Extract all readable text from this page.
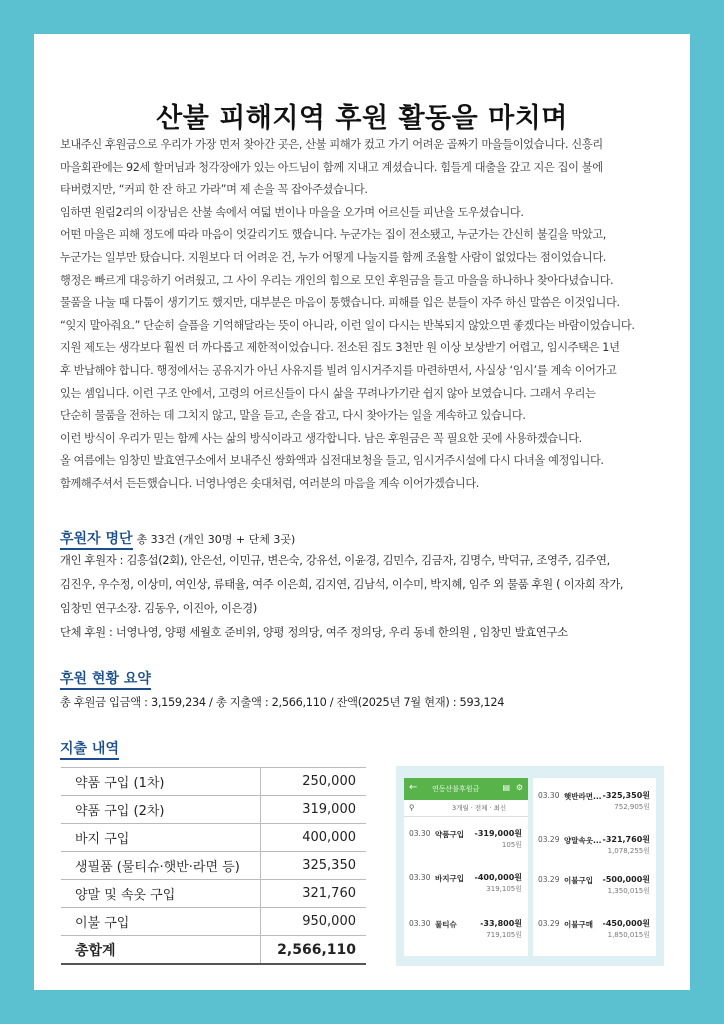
산불 피해지역 후원 활동을 마치며

보내주신 후원금으로 우리가 가장 먼저 찾아간 곳은, 산불 피해가 컸고 가기 어려운 골짜기 마을들이었습니다. 신흥리

마을회관에는 92세 할머님과 청각장애가 있는 아드님이 함께 지내고 계셨습니다. 힘들게 대출을 갚고 지은 집이 불에

타버렸지만, “커피 한 잔 하고 가라”며 제 손을 꼭 잡아주셨습니다.

임하면 원림2리의 이장님은 산불 속에서 여덟 번이나 마을을 오가며 어르신들 피난을 도우셨습니다.

어떤 마을은 피해 정도에 따라 마음이 엇갈리기도 했습니다. 누군가는 집이 전소됐고, 누군가는 간신히 불길을 막았고,

누군가는 일부만 탔습니다. 지원보다 더 어려운 건, 누가 어떻게 나눌지를 함께 조율할 사람이 없었다는 점이었습니다.

행정은 빠르게 대응하기 어려웠고, 그 사이 우리는 개인의 힘으로 모인 후원금을 들고 마을을 하나하나 찾아다녔습니다.

물품을 나눌 때 다툼이 생기기도 했지만, 대부분은 마음이 통했습니다. 피해를 입은 분들이 자주 하신 말씀은 이것입니다.

“잊지 말아줘요.” 단순히 슬픔을 기억해달라는 뜻이 아니라, 이런 일이 다시는 반복되지 않았으면 좋겠다는 바람이었습니다.

지원 제도는 생각보다 훨씬 더 까다롭고 제한적이었습니다. 전소된 집도 3천만 원 이상 보상받기 어렵고, 임시주택은 1년

후 반납해야 합니다. 행정에서는 공유지가 아닌 사유지를 빌려 임시거주지를 마련하면서, 사실상 ‘임시’를 계속 이어가고

있는 셈입니다. 이런 구조 안에서, 고령의 어르신들이 다시 삶을 꾸려나가기란 쉽지 않아 보였습니다. 그래서 우리는

단순히 물품을 전하는 데 그치지 않고, 말을 듣고, 손을 잡고, 다시 찾아가는 일을 계속하고 있습니다.

이런 방식이 우리가 믿는 함께 사는 삶의 방식이라고 생각합니다. 남은 후원금은 꼭 필요한 곳에 사용하겠습니다.

올 여름에는 임창민 발효연구소에서 보내주신 쌍화액과 십전대보청을 들고, 임시거주시설에 다시 다녀올 예정입니다.

함께해주셔서 든든했습니다. 너영나영은 솟대처럼, 여러분의 마음을 계속 이어가겠습니다.

후원자 명단 총 33건 (개인 30명 + 단체 3곳)
개인 후원자 : 김흥섭(2회), 안은선, 이민규, 변은숙, 강유선, 이윤경, 김민수, 김금자, 김명수, 박덕규, 조영주, 김주연,
김진우, 우수정, 이상미, 여인상, 류태율, 여주 이은희, 김지연, 김남석, 이수미, 박지혜, 임주 외 물품 후원 ( 이자희 작가,
임창민 연구소장. 김동우, 이진아, 이은경)
단체 후원 : 너영나영, 양평 세월호 준비위, 양평 정의당, 여주 정의당, 우리 동네 한의원 , 임창민 발효연구소
후원 현황 요약
총 후원금 입금액 : 3,159,234 / 총 지출액 : 2,566,110 / 잔액(2025년 7월 현재) : 593,124
지출 내역
약품 구입 (1차)	250,000
약품 구입 (2차)	319,000
바지 구입	400,000
생필품 (물티슈·햇반·라면 등)	325,350
양말 및 속옷 구입	321,760
이불 구입	950,000
총합계	2,566,110
← 연동산불후원금	▤ ⚙
⚲	3개월 · 전체 · 최신
03.30 약품구입 -319,000원
105원
03.30 바지구입 -400,000원
319,105원
03.30 물티슈	-33,800원
719,105원
03.30 햇반라면... -325,350원
752,905원
03.29 양말속옷... -321,760원
1,078,255원
03.29 이불구입 -500,000원
1,350,015원
03.29 이불구매 -450,000원
1,850,015원
